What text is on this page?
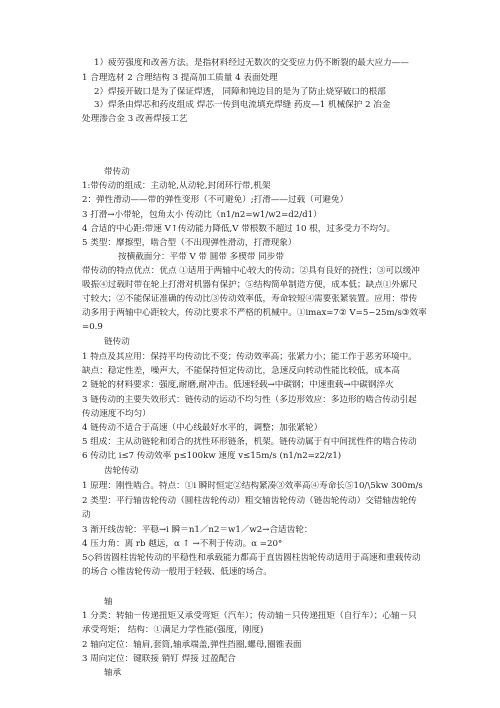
1）疲劳强度和改善方法。是指材料经过无数次的交变应力仍不断裂的最大应力——
1 合理选材 2 合理结构 3 提高加工质量 4 表面处理
2）焊接开破口是为了保证焊透， 同障和钝边目的是为了防止烧穿破口的根部
3）焊条由焊芯和药皮组成 焊芯一传到电流填充焊缝 药皮—1 机械保护 2 冶金
处理渗合金 3 改善焊接工艺
带传动
1:带传动的组成：主动轮,从动轮,封闭环行带,机架
2：弹性滑动——带的弹性变形（不可避免）;打滑——过载（可避免）
3 打滑→小带轮，包角太小 传动比（n1/n2=w1/w2=d2/d1）
4 合适的中心距:带速 V↑传动能力降低,V 带根数不超过 10 根，过多受力不均匀。
5 类型：摩擦型，啮合型（不出现弹性滑动，打滑现象）
按横截面分：平带 V 带 圆带 多楔带 同步带
带传动的特点优点：优点 ①适用于两轴中心较大的传动；②具有良好的挠性；③可以缓冲
吸振④过载时带在轮上打滑对机器有保护；⑤结构简单制造方便，成本低；缺点①外廓尺
寸较大；②不能保证准确的传动比③传动效率低，寿命较短④需要张紧装置。应用：带传
动多用于两轴中心距较大，传动比要求不严格的机械中。①imax=7② V=5~25m/s③效率
=0.9
链传动
1 特点及其应用：保持平均传动比不变；传动效率高；张紧力小；能工作于恶劣环境中。
缺点：稳定性差，噪声大，不能保持恒定传动比，急速反向转动性能比较低，成本高
2 链轮的材料要求：强度,耐磨,耐冲击。低速轻载→中碳钢；中速重载→中碳钢淬火
3 链传动的主要失效形式：链传动的运动不均匀性（多边形效应：多边形的啮合传动引起
传动速度不均匀）
4 链传动不适合于高速（中心线最好水平的，调整；加张紧轮）
5 组成：主从动链轮和闭合的扰性环形链条，机架。链传动属于有中间扰性件的啮合传动
6 传动比 i≤7 传动效率 p≤100kw 速度 v≤15m/s (n1/n2=z2/z1)
齿轮传动
1 原理：刚性啮合。特点：①i 瞬时恒定②结构紧凑③效率高④寿命长⑤10/\5kw 300m/s
2 类型：平行轴齿轮传动（圆柱齿轮传动）粗交轴齿轮传动（链齿轮传动）交错轴齿轮传
动
3 渐开线齿轮：平稳→i 瞬＝n1／n2＝w1／w2→合适齿轮：
4 压力角：离 rb 越远，α ↑ →不利于传动。α =20°
5◇斜齿圆柱齿轮传动的平稳性和承载能力都高于直齿圆柱齿轮传动适用于高速和重载传动
的场合 ◇锥齿轮传动一般用于轻载、低速的场合。
轴
1 分类：转轴－传递扭矩又承受弯矩（汽车）；传动轴－只传递扭矩（自行车）；心轴－只
承受弯矩； 结构：①满足力学性能(强度，刚度)
2 轴向定位：轴肩,套筒,轴承端盖,弹性挡圈,螺母,圈锥表面
3 周向定位：键联接 销钉 焊接 过盈配合
轴承
